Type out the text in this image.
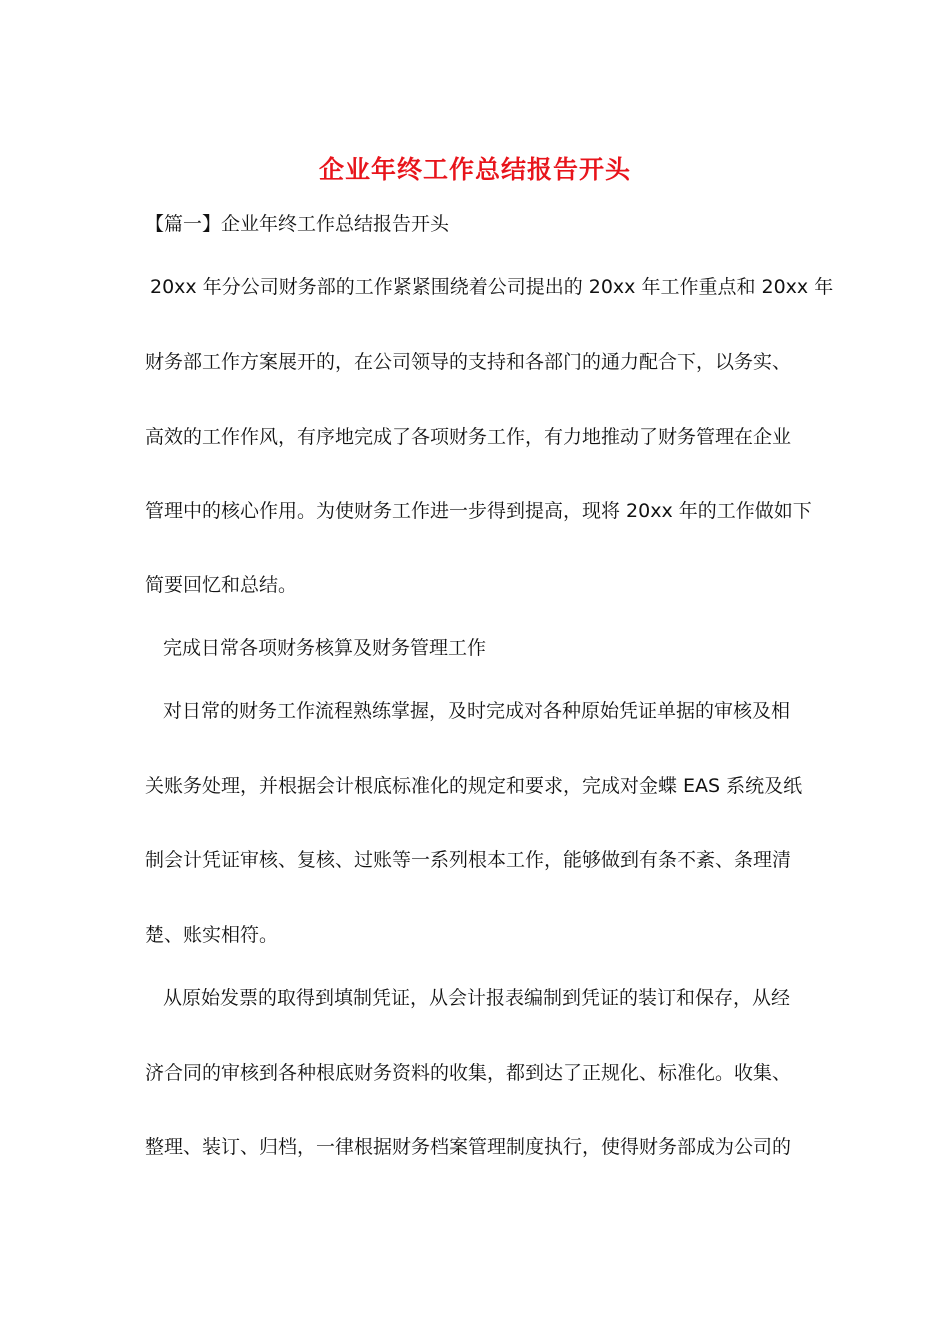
企业年终工作总结报告开头
【篇一】企业年终工作总结报告开头
20xx 年分公司财务部的工作紧紧围绕着公司提出的 20xx 年工作重点和 20xx 年
财务部工作方案展开的，在公司领导的支持和各部门的通力配合下，以务实、
高效的工作作风，有序地完成了各项财务工作，有力地推动了财务管理在企业
管理中的核心作用。为使财务工作进一步得到提高，现将 20xx 年的工作做如下
简要回忆和总结。
完成日常各项财务核算及财务管理工作
对日常的财务工作流程熟练掌握，及时完成对各种原始凭证单据的审核及相
关账务处理，并根据会计根底标准化的规定和要求，完成对金蝶 EAS 系统及纸
制会计凭证审核、复核、过账等一系列根本工作，能够做到有条不紊、条理清
楚、账实相符。
从原始发票的取得到填制凭证，从会计报表编制到凭证的装订和保存，从经
济合同的审核到各种根底财务资料的收集，都到达了正规化、标准化。收集、
整理、装订、归档，一律根据财务档案管理制度执行，使得财务部成为公司的
